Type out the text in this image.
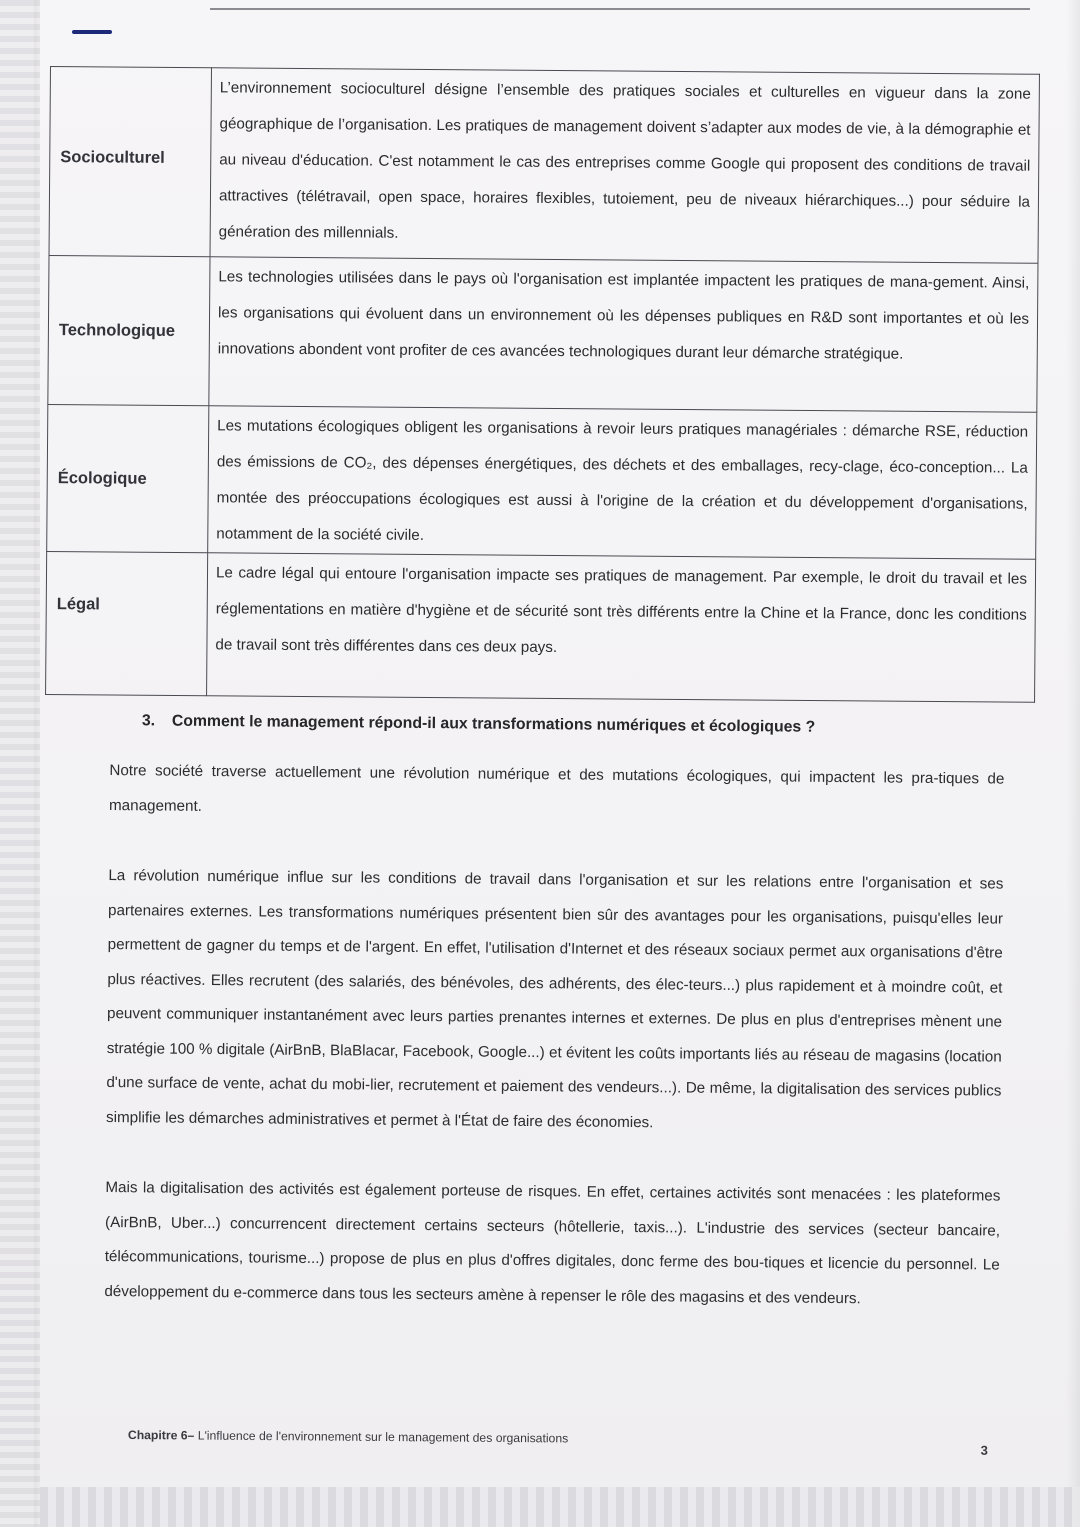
Socioculturel	L’environnement socioculturel désigne l’ensemble des pratiques sociales et culturelles en vigueur dans la zone géographique de l’organisation. Les pratiques de management doivent s’adapter aux modes de vie, à la démographie et au niveau d'éducation. C'est notamment le cas des entreprises comme Google qui proposent des conditions de travail attractives (télétravail, open space, horaires flexibles, tutoiement, peu de niveaux hiérarchiques...) pour séduire la génération des millennials.
Technologique	Les technologies utilisées dans le pays où l'organisation est implantée impactent les pratiques de mana-gement. Ainsi, les organisations qui évoluent dans un environnement où les dépenses publiques en R&D sont importantes et où les innovations abondent vont profiter de ces avancées technologiques durant leur démarche stratégique.
Écologique	Les mutations écologiques obligent les organisations à revoir leurs pratiques managériales : démarche RSE, réduction des émissions de CO₂, des dépenses énergétiques, des déchets et des emballages, recy-clage, éco-conception... La montée des préoccupations écologiques est aussi à l'origine de la création et du développement d'organisations, notamment de la société civile.
Légal	Le cadre légal qui entoure l'organisation impacte ses pratiques de management. Par exemple, le droit du travail et les réglementations en matière d'hygiène et de sécurité sont très différents entre la Chine et la France, donc les conditions de travail sont très différentes dans ces deux pays.
3. Comment le management répond-il aux transformations numériques et écologiques ?

Notre société traverse actuellement une révolution numérique et des mutations écologiques, qui impactent les pra-tiques de management.

La révolution numérique influe sur les conditions de travail dans l'organisation et sur les relations entre l'organisation et ses partenaires externes. Les transformations numériques présentent bien sûr des avantages pour les organisations, puisqu'elles leur permettent de gagner du temps et de l'argent. En effet, l'utilisation d'Internet et des réseaux sociaux permet aux organisations d'être plus réactives. Elles recrutent (des salariés, des bénévoles, des adhérents, des élec-teurs...) plus rapidement et à moindre coût, et peuvent communiquer instantanément avec leurs parties prenantes internes et externes. De plus en plus d'entreprises mènent une stratégie 100 % digitale (AirBnB, BlaBlacar, Facebook, Google...) et évitent les coûts importants liés au réseau de magasins (location d'une surface de vente, achat du mobi-lier, recrutement et paiement des vendeurs...). De même, la digitalisation des services publics simplifie les démarches administratives et permet à l'État de faire des économies.

Mais la digitalisation des activités est également porteuse de risques. En effet, certaines activités sont menacées : les plateformes (AirBnB, Uber...) concurrencent directement certains secteurs (hôtellerie, taxis...). L'industrie des services (secteur bancaire, télécommunications, tourisme...) propose de plus en plus d'offres digitales, donc ferme des bou-tiques et licencie du personnel. Le développement du e-commerce dans tous les secteurs amène à repenser le rôle des magasins et des vendeurs.

Chapitre 6– L'influence de l'environnement sur le management des organisations
3
